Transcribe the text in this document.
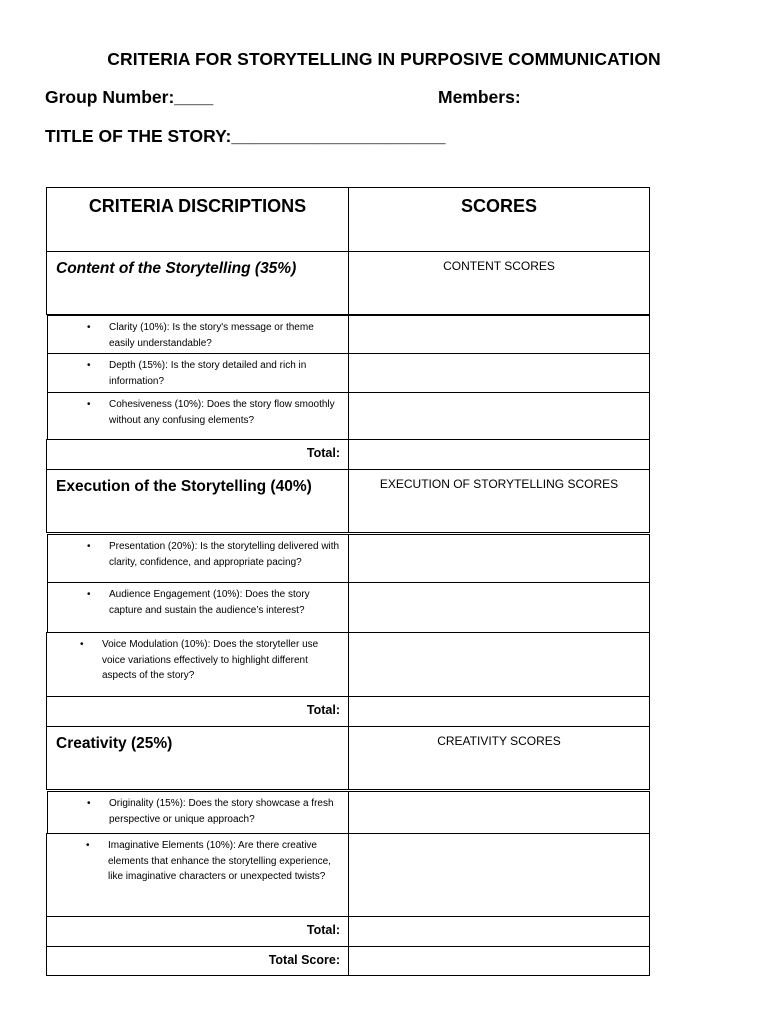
CRITERIA FOR STORYTELLING IN PURPOSIVE COMMUNICATION
Group Number:____	Members:
TITLE OF THE STORY:______________________
CRITERIA DISCRIPTIONS	SCORES
Content of the Storytelling (35%)	CONTENT SCORES
• Clarity (10%): Is the story's message or theme easily understandable?
• Depth (15%): Is the story detailed and rich in information?
• Cohesiveness (10%): Does the story flow smoothly without any confusing elements?
Total:
Execution of the Storytelling (40%)	EXECUTION OF STORYTELLING SCORES
• Presentation (20%): Is the storytelling delivered with clarity, confidence, and appropriate pacing?
• Audience Engagement (10%): Does the story capture and sustain the audience’s interest?
• Voice Modulation (10%): Does the storyteller use voice variations effectively to highlight different aspects of the story?
Total:
Creativity (25%)	CREATIVITY SCORES
• Originality (15%): Does the story showcase a fresh perspective or unique approach?
• Imaginative Elements (10%): Are there creative elements that enhance the storytelling experience, like imaginative characters or unexpected twists?
Total:
Total Score:
